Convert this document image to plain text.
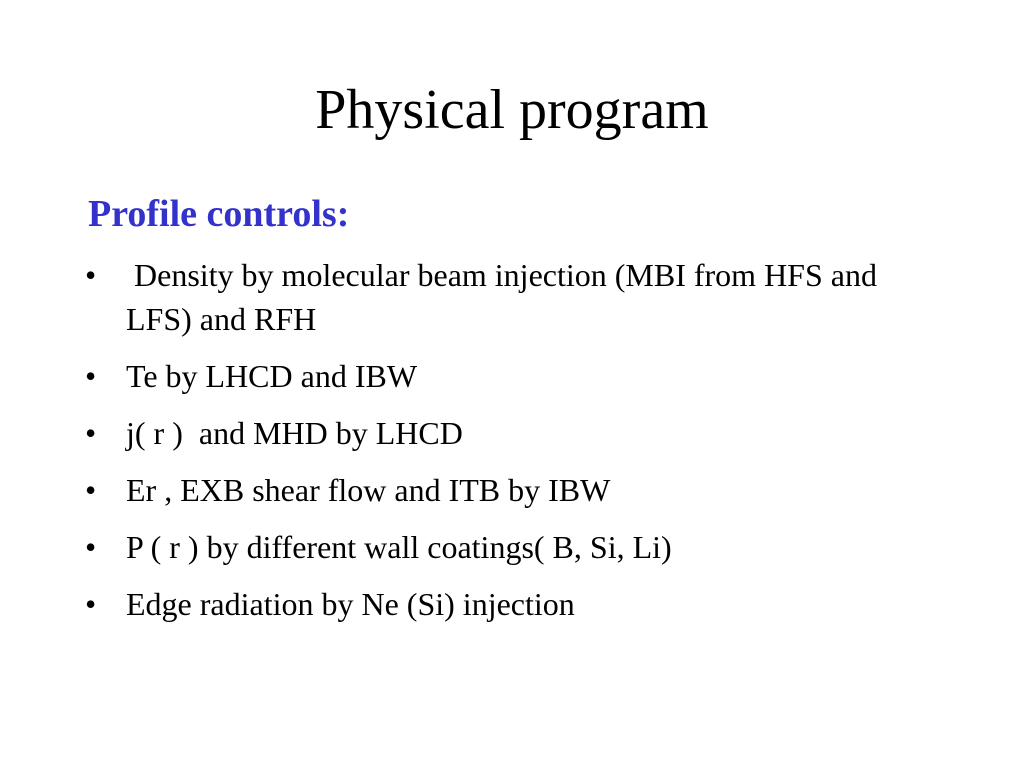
Physical program
Profile controls:
• Density by molecular beam injection (MBI from HFS and LFS) and RFH
• Te by LHCD and IBW
• j( r )  and MHD by LHCD
• Er , EXB shear flow and ITB by IBW
• P ( r ) by different wall coatings( B, Si, Li)
• Edge radiation by Ne (Si) injection
